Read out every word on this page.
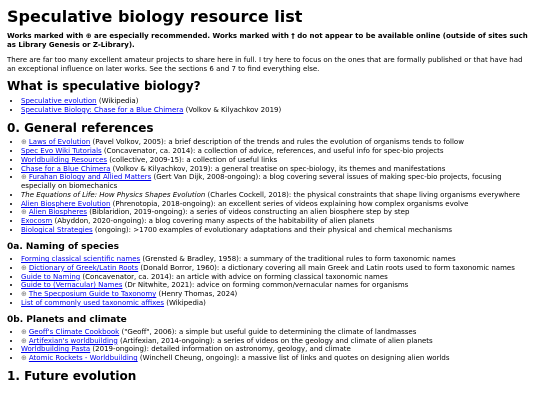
Speculative biology resource list

Works marked with ⊕ are especially recommended. Works marked with † do not appear to be available online (outside of sites such as Library Genesis or Z-Library).

There are far too many excellent amateur projects to share here in full. I try here to focus on the ones that are formally published or that have had an exceptional influence on later works. See the sections 6 and 7 to find everything else.

What is speculative biology?
• Speculative evolution (Wikipedia)
• Speculative Biology: Chase for a Blue Chimera (Volkov & Kilyachkov 2019)
0. General references
• ⊕ Laws of Evolution (Pavel Volkov, 2005): a brief description of the trends and rules the evolution of organisms tends to follow
• Spec Evo Wiki Tutorials (Concavenator, ca. 2014): a collection of advice, references, and useful info for spec-bio projects
• Worldbuilding Resources (collective, 2009-15): a collection of useful links
• Chase for a Blue Chimera (Volkov & Kilyachkov, 2019): a general treatise on spec-biology, its themes and manifestations
• ⊕ Furahan Biology and Allied Matters (Gert Van Dijk, 2008-ongoing): a blog covering several issues of making spec-bio projects, focusing especially on biomechanics
• The Equations of Life: How Physics Shapes Evolution (Charles Cockell, 2018): the physical constraints that shape living organisms everywhere
• Alien Biosphere Evolution (Phrenotopia, 2018-ongoing): an excellent series of videos explaining how complex organisms evolve
• ⊕ Alien Biospheres (Biblaridion, 2019-ongoing): a series of videos constructing an alien biosphere step by step
• Exocosm (Abyddon, 2020-ongoing): a blog covering many aspects of the habitability of alien planets
• Biological Strategies (ongoing): >1700 examples of evolutionary adaptations and their physical and chemical mechanisms
0a. Naming of species
• Forming classical scientific names (Grensted & Bradley, 1958): a summary of the traditional rules to form taxonomic names
• ⊕ Dictionary of Greek/Latin Roots (Donald Borror, 1960): a dictionary covering all main Greek and Latin roots used to form taxonomic names
• Guide to Naming (Concavenator, ca. 2014): an article with advice on forming classical taxonomic names
• Guide to (Vernacular) Names (Dr Nitwhite, 2021): advice on forming common/vernacular names for organisms
• ⊕ The Specposium Guide to Taxonomy (Henry Thomas, 2024)
• List of commonly used taxonomic affixes (Wikipedia)
0b. Planets and climate
• ⊕ Geoff's Climate Cookbook ("Geoff", 2006): a simple but useful guide to determining the climate of landmasses
• ⊕ Artifexian's worldbuilding (Artifexian, 2014-ongoing): a series of videos on the geology and climate of alien planets
• Worldbuilding Pasta (2019-ongoing): detailed information on astronomy, geology, and climate
• ⊕ Atomic Rockets - Worldbuilding (Winchell Cheung, ongoing): a massive list of links and quotes on designing alien worlds
1. Future evolution
